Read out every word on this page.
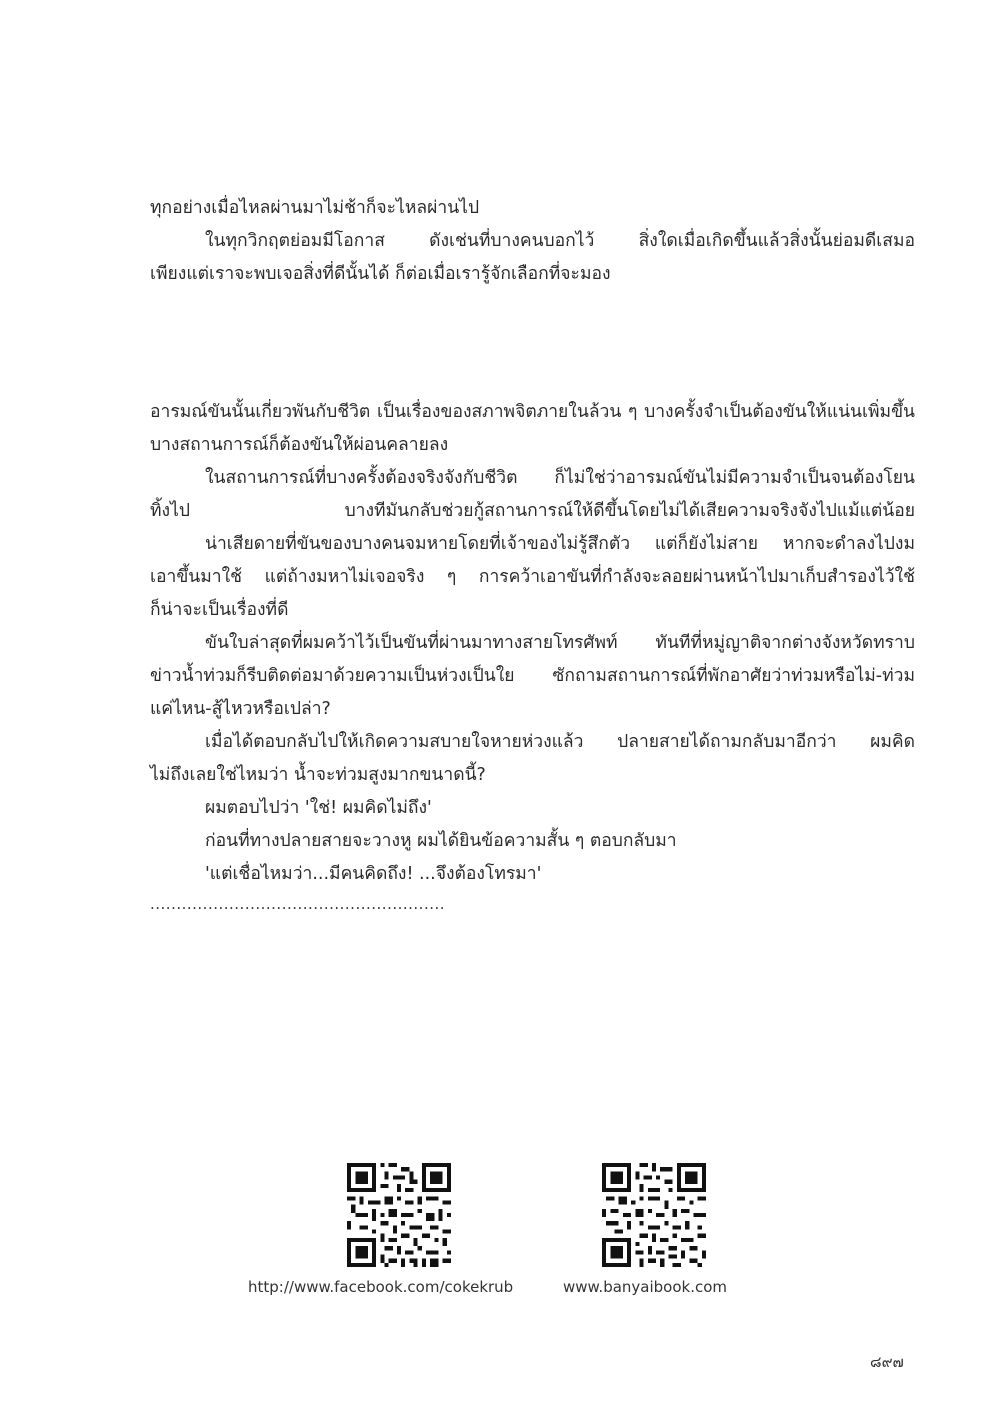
ทุกอย่างเมื่อไหลผ่านมาไม่ช้าก็จะไหลผ่านไป

ในทุกวิกฤตย่อมมีโอกาส ดังเช่นที่บางคนบอกไว้ สิ่งใดเมื่อเกิดขึ้นแล้วสิ่งนั้นย่อมดีเสมอ

เพียงแต่เราจะพบเจอสิ่งที่ดีนั้นได้ ก็ต่อเมื่อเรารู้จักเลือกที่จะมอง

อารมณ์ขันนั้นเกี่ยวพันกับชีวิต เป็นเรื่องของสภาพจิตภายในล้วน ๆ บางครั้งจำเป็นต้องขันให้แน่นเพิ่มขึ้น

บางสถานการณ์ก็ต้องขันให้ผ่อนคลายลง

ในสถานการณ์ที่บางครั้งต้องจริงจังกับชีวิต ก็ไม่ใช่ว่าอารมณ์ขันไม่มีความจำเป็นจนต้องโยน

ทิ้งไป บางทีมันกลับช่วยกู้สถานการณ์ให้ดีขึ้นโดยไม่ได้เสียความจริงจังไปแม้แต่น้อย

น่าเสียดายที่ขันของบางคนจมหายโดยที่เจ้าของไม่รู้สึกตัว แต่ก็ยังไม่สาย หากจะดำลงไปงม

เอาขึ้นมาใช้ แต่ถ้างมหาไม่เจอจริง ๆ การคว้าเอาขันที่กำลังจะลอยผ่านหน้าไปมาเก็บสำรองไว้ใช้

ก็น่าจะเป็นเรื่องที่ดี

ขันใบล่าสุดที่ผมคว้าไว้เป็นขันที่ผ่านมาทางสายโทรศัพท์ ทันทีที่หมู่ญาติจากต่างจังหวัดทราบ

ข่าวน้ำท่วมก็รีบติดต่อมาด้วยความเป็นห่วงเป็นใย ซักถามสถานการณ์ที่พักอาศัยว่าท่วมหรือไม่-ท่วม

แค่ไหน-สู้ไหวหรือเปล่า?

เมื่อได้ตอบกลับไปให้เกิดความสบายใจหายห่วงแล้ว ปลายสายได้ถามกลับมาอีกว่า ผมคิด

ไม่ถึงเลยใช่ไหมว่า น้ำจะท่วมสูงมากขนาดนี้?

ผมตอบไปว่า 'ใช่! ผมคิดไม่ถึง'

ก่อนที่ทางปลายสายจะวางหู ผมได้ยินข้อความสั้น ๆ ตอบกลับมา

'แต่เชื่อไหมว่า...มีคนคิดถึง! ...จึงต้องโทรมา'

........................................................
http://www.facebook.com/cokekrub	www.banyaibook.com
๘๙๗
